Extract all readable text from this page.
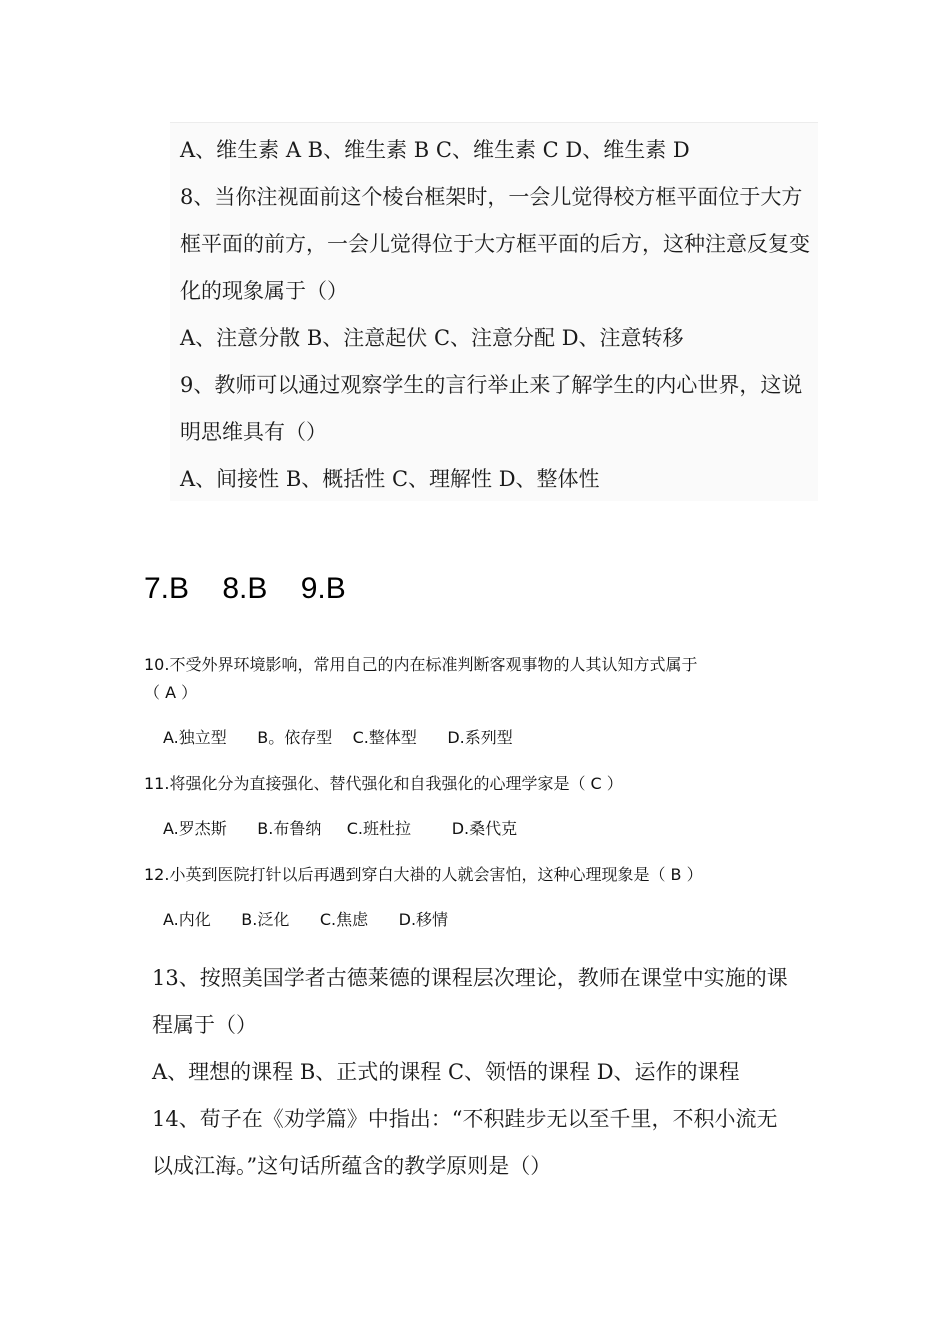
A、维生素 A B、维生素 B C、维生素 C D、维生素 D

8、当你注视面前这个棱台框架时，一会儿觉得校方框平面位于大方

框平面的前方，一会儿觉得位于大方框平面的后方，这种注意反复变

化的现象属于（）

A、注意分散 B、注意起伏 C、注意分配 D、注意转移

9、教师可以通过观察学生的言行举止来了解学生的内心世界，这说

明思维具有（）

A、间接性 B、概括性 C、理解性 D、整体性

7.B    8.B    9.B

10.不受外界环境影响，常用自己的内在标准判断客观事物的人其认知方式属于

（ A ）

A.独立型      B。依存型    C.整体型      D.系列型

11.将强化分为直接强化、替代强化和自我强化的心理学家是（ C ）

A.罗杰斯      B.布鲁纳     C.班杜拉        D.桑代克

12.小英到医院打针以后再遇到穿白大褂的人就会害怕，这种心理现象是（ B ）

A.内化      B.泛化      C.焦虑      D.移情

13、按照美国学者古德莱德的课程层次理论，教师在课堂中实施的课

程属于（）

A、理想的课程 B、正式的课程 C、领悟的课程 D、运作的课程

14、荀子在《劝学篇》中指出：“不积跬步无以至千里，不积小流无

以成江海。”这句话所蕴含的教学原则是（）
